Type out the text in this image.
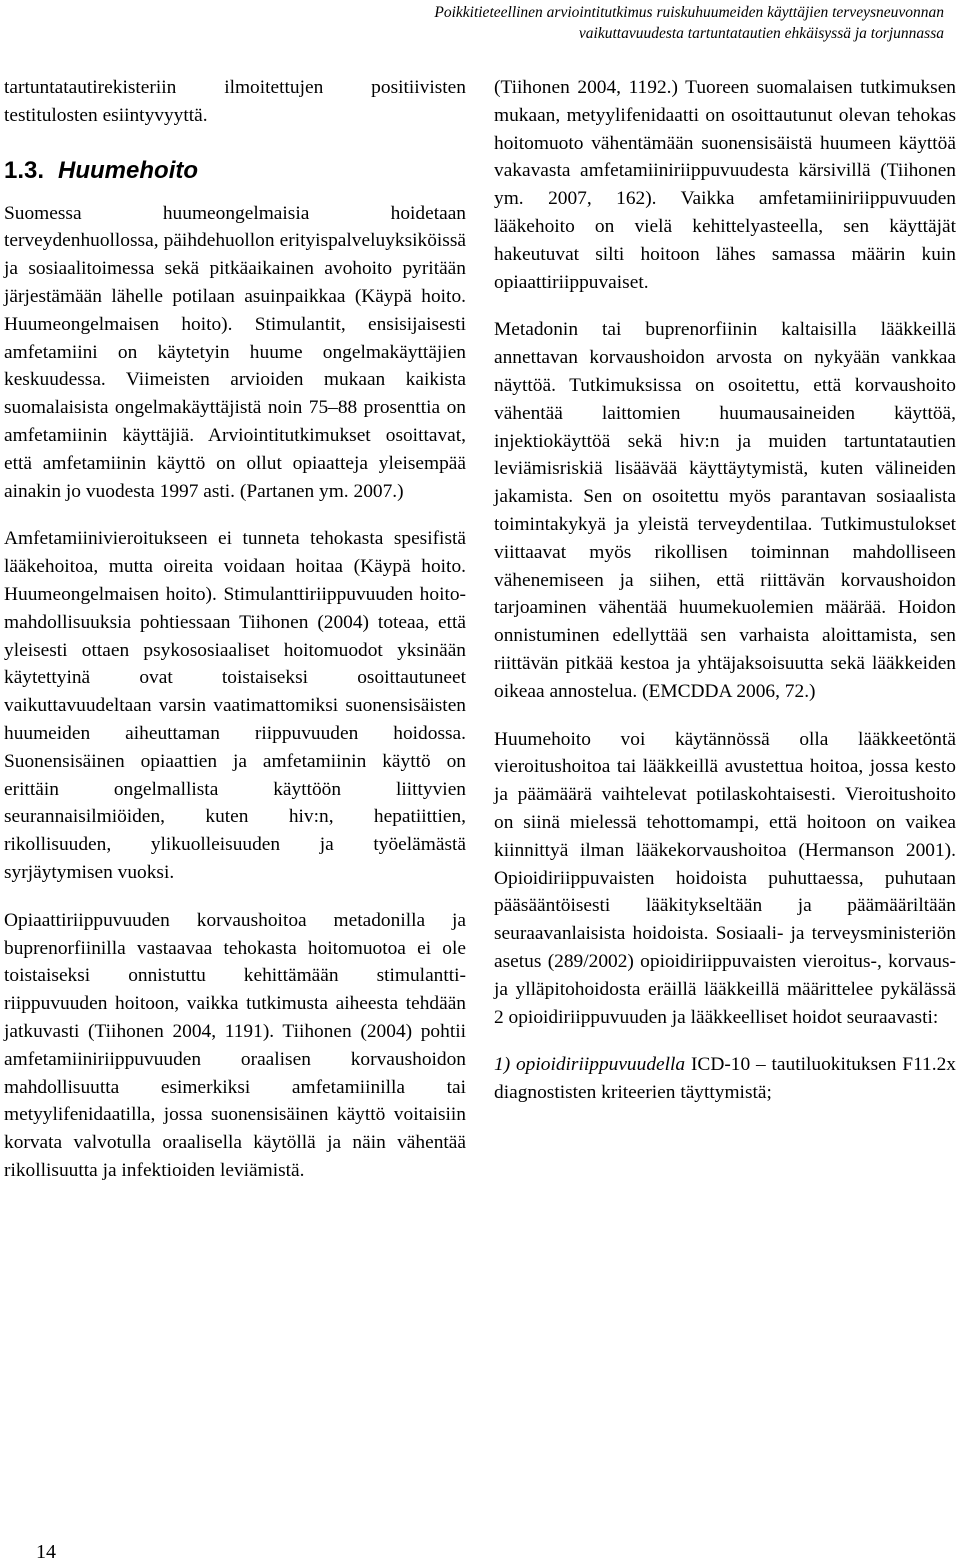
Poikkitieteellinen arviointitutkimus ruiskuhuumeiden käyttäjien terveysneuvonnan
vaikuttavuudesta tartuntatautien ehkäisyssä ja torjunnassa

tartuntatautirekisteriin ilmoitettujen positiivisten testitulosten esiintyvyyttä.

1.3. Huumehoito

Suomessa huumeongelmaisia hoidetaan terveydenhuollossa, päihdehuollon erityispalveluyksiköissä ja sosiaalitoimessa sekä pitkäaikainen avohoito pyritään järjestämään lähelle potilaan asuinpaikkaa (Käypä hoito. Huumeongelmaisen hoito). Stimulantit, ensisijaisesti amfetamiini on käytetyin huume ongelmakäyttäjien keskuudessa. Viimeisten arvioiden mukaan kaikista suomalaisista ongelmakäyttäjistä noin 75–88 prosenttia on amfetamiinin käyttäjiä. Arviointitutkimukset osoittavat, että amfetamiinin käyttö on ollut opiaatteja yleisempää ainakin jo vuodesta 1997 asti. (Partanen ym. 2007.)

Amfetamiinivieroitukseen ei tunneta tehokasta spesifistä lääkehoitoa, mutta oireita voidaan hoitaa (Käypä hoito. Huumeongelmaisen hoito). Stimulanttiriippuvuuden hoito-mahdollisuuksia pohtiessaan Tiihonen (2004) toteaa, että yleisesti ottaen psykososiaaliset hoitomuodot yksinään käytettyinä ovat toistaiseksi osoittautuneet vaikuttavuudeltaan varsin vaatimattomiksi suonensisäisten huumeiden aiheuttaman riippuvuuden hoidossa. Suonensisäinen opiaattien ja amfetamiinin käyttö on erittäin ongelmallista käyttöön liittyvien seurannaisilmiöiden, kuten hiv:n, hepatiittien, rikollisuuden, ylikuolleisuuden ja työelämästä syrjäytymisen vuoksi.

Opiaattiriippuvuuden korvaushoitoa metadonilla ja buprenorfiinilla vastaavaa tehokasta hoitomuotoa ei ole toistaiseksi onnistuttu kehittämään stimulantti-riippuvuuden hoitoon, vaikka tutkimusta aiheesta tehdään jatkuvasti (Tiihonen 2004, 1191). Tiihonen (2004) pohtii amfetamiiniriippuvuuden oraalisen korvaushoidon mahdollisuutta esimerkiksi amfetamiinilla tai metyylifenidaatilla, jossa suonensisäinen käyttö voitaisiin korvata valvotulla oraalisella käytöllä ja näin vähentää rikollisuutta ja infektioiden leviämistä.

(Tiihonen 2004, 1192.) Tuoreen suomalaisen tutkimuksen mukaan, metyylifenidaatti on osoittautunut olevan tehokas hoitomuoto vähentämään suonensisäistä huumeen käyttöä vakavasta amfetamiiniriippuvuudesta kärsivillä (Tiihonen ym. 2007, 162). Vaikka amfetamiiniriippuvuuden lääkehoito on vielä kehittelyasteella, sen käyttäjät hakeutuvat silti hoitoon lähes samassa määrin kuin opiaattiriippuvaiset.

Metadonin tai buprenorfiinin kaltaisilla lääkkeillä annettavan korvaushoidon arvosta on nykyään vankkaa näyttöä. Tutkimuksissa on osoitettu, että korvaushoito vähentää laittomien huumausaineiden käyttöä, injektiokäyttöä sekä hiv:n ja muiden tartuntatautien leviämisriskiä lisäävää käyttäytymistä, kuten välineiden jakamista. Sen on osoitettu myös parantavan sosiaalista toimintakykyä ja yleistä terveydentilaa. Tutkimustulokset viittaavat myös rikollisen toiminnan mahdolliseen vähenemiseen ja siihen, että riittävän korvaushoidon tarjoaminen vähentää huumekuolemien määrää. Hoidon onnistuminen edellyttää sen varhaista aloittamista, sen riittävän pitkää kestoa ja yhtäjaksoisuutta sekä lääkkeiden oikeaa annostelua. (EMCDDA 2006, 72.)

Huumehoito voi käytännössä olla lääkkeetöntä vieroitushoitoa tai lääkkeillä avustettua hoitoa, jossa kesto ja päämäärä vaihtelevat potilaskohtaisesti. Vieroitushoito on siinä mielessä tehottomampi, että hoitoon on vaikea kiinnittyä ilman lääkekorvaushoitoa (Hermanson 2001). Opioidiriippuvaisten hoidoista puhuttaessa, puhutaan pääsääntöisesti lääkitykseltään ja päämääriltään seuraavanlaisista hoidoista. Sosiaali- ja terveysministeriön asetus (289/2002) opioidiriippuvaisten vieroitus-, korvaus- ja ylläpitohoidosta eräillä lääkkeillä määrittelee pykälässä 2 opioidiriippuvuuden ja lääkkeelliset hoidot seuraavasti:

1) opioidiriippuvuudella ICD-10 – tautiluokituksen F11.2x diagnostisten kriteerien täyttymistä;

14
